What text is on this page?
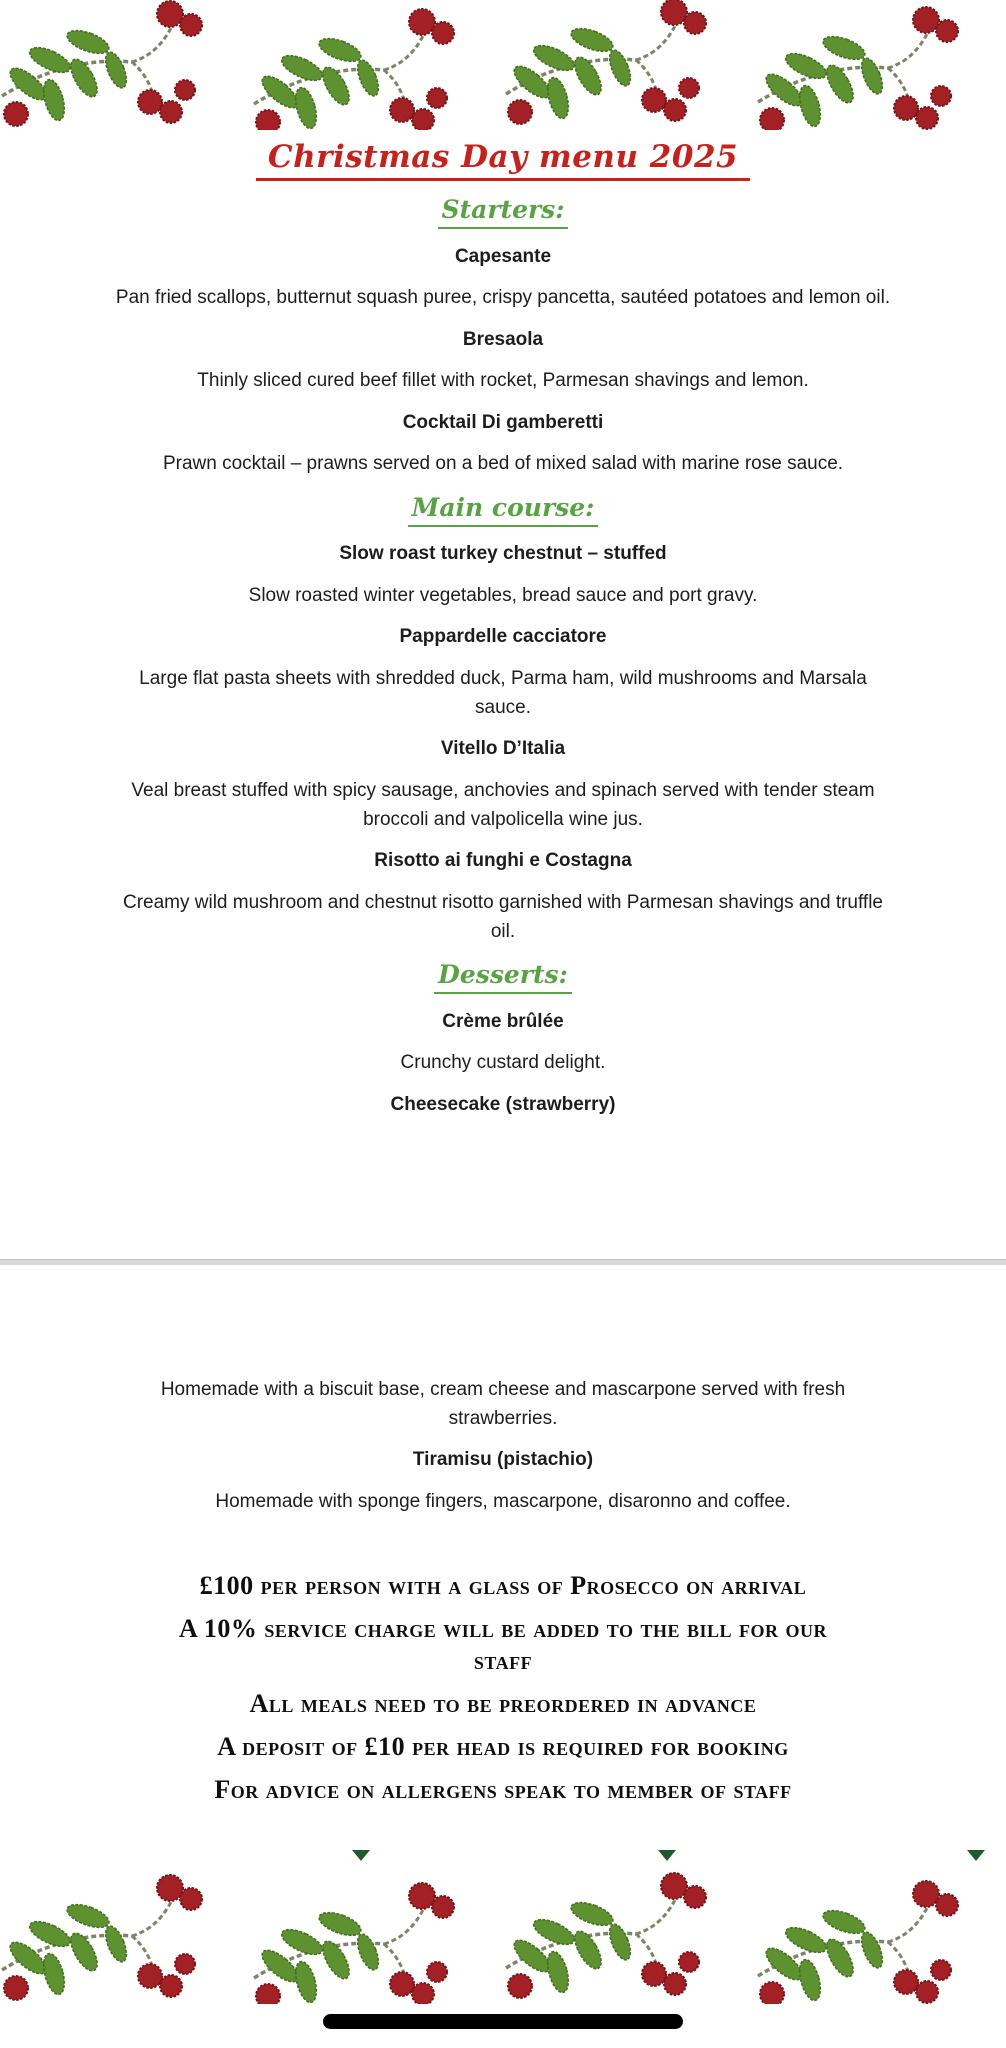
Christmas Day menu 2025
Starters:

Capesante

Pan fried scallops, butternut squash puree, crispy pancetta, sautéed potatoes and lemon oil.

Bresaola

Thinly sliced cured beef fillet with rocket, Parmesan shavings and lemon.

Cocktail Di gamberetti

Prawn cocktail – prawns served on a bed of mixed salad with marine rose sauce.

Main course:

Slow roast turkey chestnut – stuffed

Slow roasted winter vegetables, bread sauce and port gravy.

Pappardelle cacciatore

Large flat pasta sheets with shredded duck, Parma ham, wild mushrooms and Marsala
sauce.

Vitello D’Italia

Veal breast stuffed with spicy sausage, anchovies and spinach served with tender steam
broccoli and valpolicella wine jus.

Risotto ai funghi e Costagna

Creamy wild mushroom and chestnut risotto garnished with Parmesan shavings and truffle
oil.

Desserts:

Crème brûlée

Crunchy custard delight.

Cheesecake (strawberry)

Homemade with a biscuit base, cream cheese and mascarpone served with fresh
strawberries.

Tiramisu (pistachio)

Homemade with sponge fingers, mascarpone, disaronno and coffee.

£100 per person with a glass of Prosecco on arrival

A 10% service charge will be added to the bill for our
staff

All meals need to be preordered in advance

A deposit of £10 per head is required for booking

For advice on allergens speak to member of staff
